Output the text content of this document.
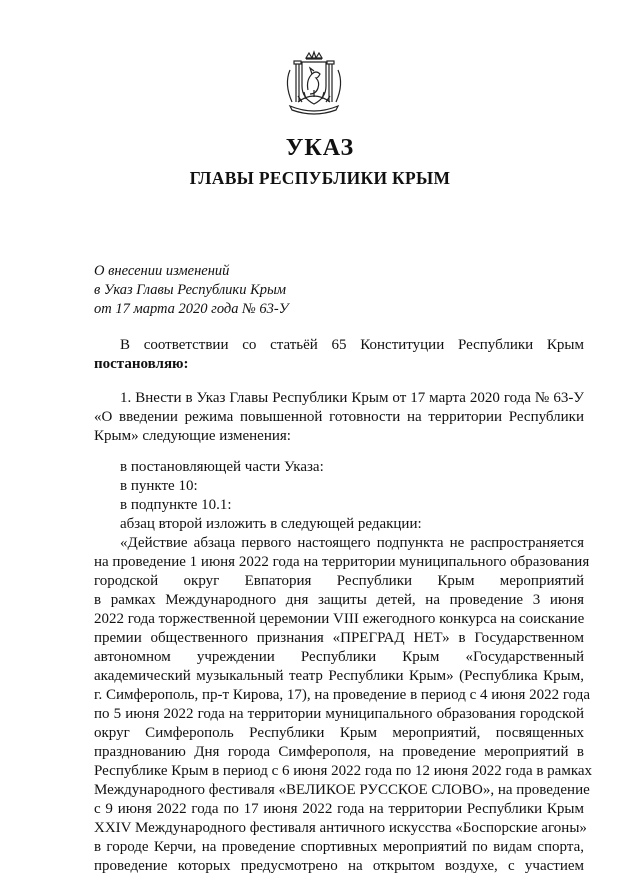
УКАЗ
ГЛАВЫ РЕСПУБЛИКИ КРЫМ
О внесении изменений
в Указ Главы Республики Крым
от 17 марта 2020 года № 63-У
В соответствии со статьёй 65 Конституции Республики Крым
постановляю:
1. Внести в Указ Главы Республики Крым от 17 марта 2020 года № 63-У
«О введении режима повышенной готовности на территории Республики
Крым» следующие изменения:
в постановляющей части Указа:
в пункте 10:
в подпункте 10.1:
абзац второй изложить в следующей редакции:
«Действие абзаца первого настоящего подпункта не распространяется
на проведение 1 июня 2022 года на территории муниципального образования
городской округ Евпатория Республики Крым мероприятий
в рамках Международного дня защиты детей, на проведение 3 июня
2022 года торжественной церемонии VIII ежегодного конкурса на соискание
премии общественного признания «ПРЕГРАД НЕТ» в Государственном
автономном учреждении Республики Крым «Государственный
академический музыкальный театр Республики Крым» (Республика Крым,
г. Симферополь, пр-т Кирова, 17), на проведение в период с 4 июня 2022 года
по 5 июня 2022 года на территории муниципального образования городской
округ Симферополь Республики Крым мероприятий, посвященных
празднованию Дня города Симферополя, на проведение мероприятий в
Республике Крым в период с 6 июня 2022 года по 12 июня 2022 года в рамках
Международного фестиваля «ВЕЛИКОЕ РУССКОЕ СЛОВО», на проведение
с 9 июня 2022 года по 17 июня 2022 года на территории Республики Крым
XXIV Международного фестиваля античного искусства «Боспорские агоны»
в городе Керчи, на проведение спортивных мероприятий по видам спорта,
проведение которых предусмотрено на открытом воздухе, с участием
